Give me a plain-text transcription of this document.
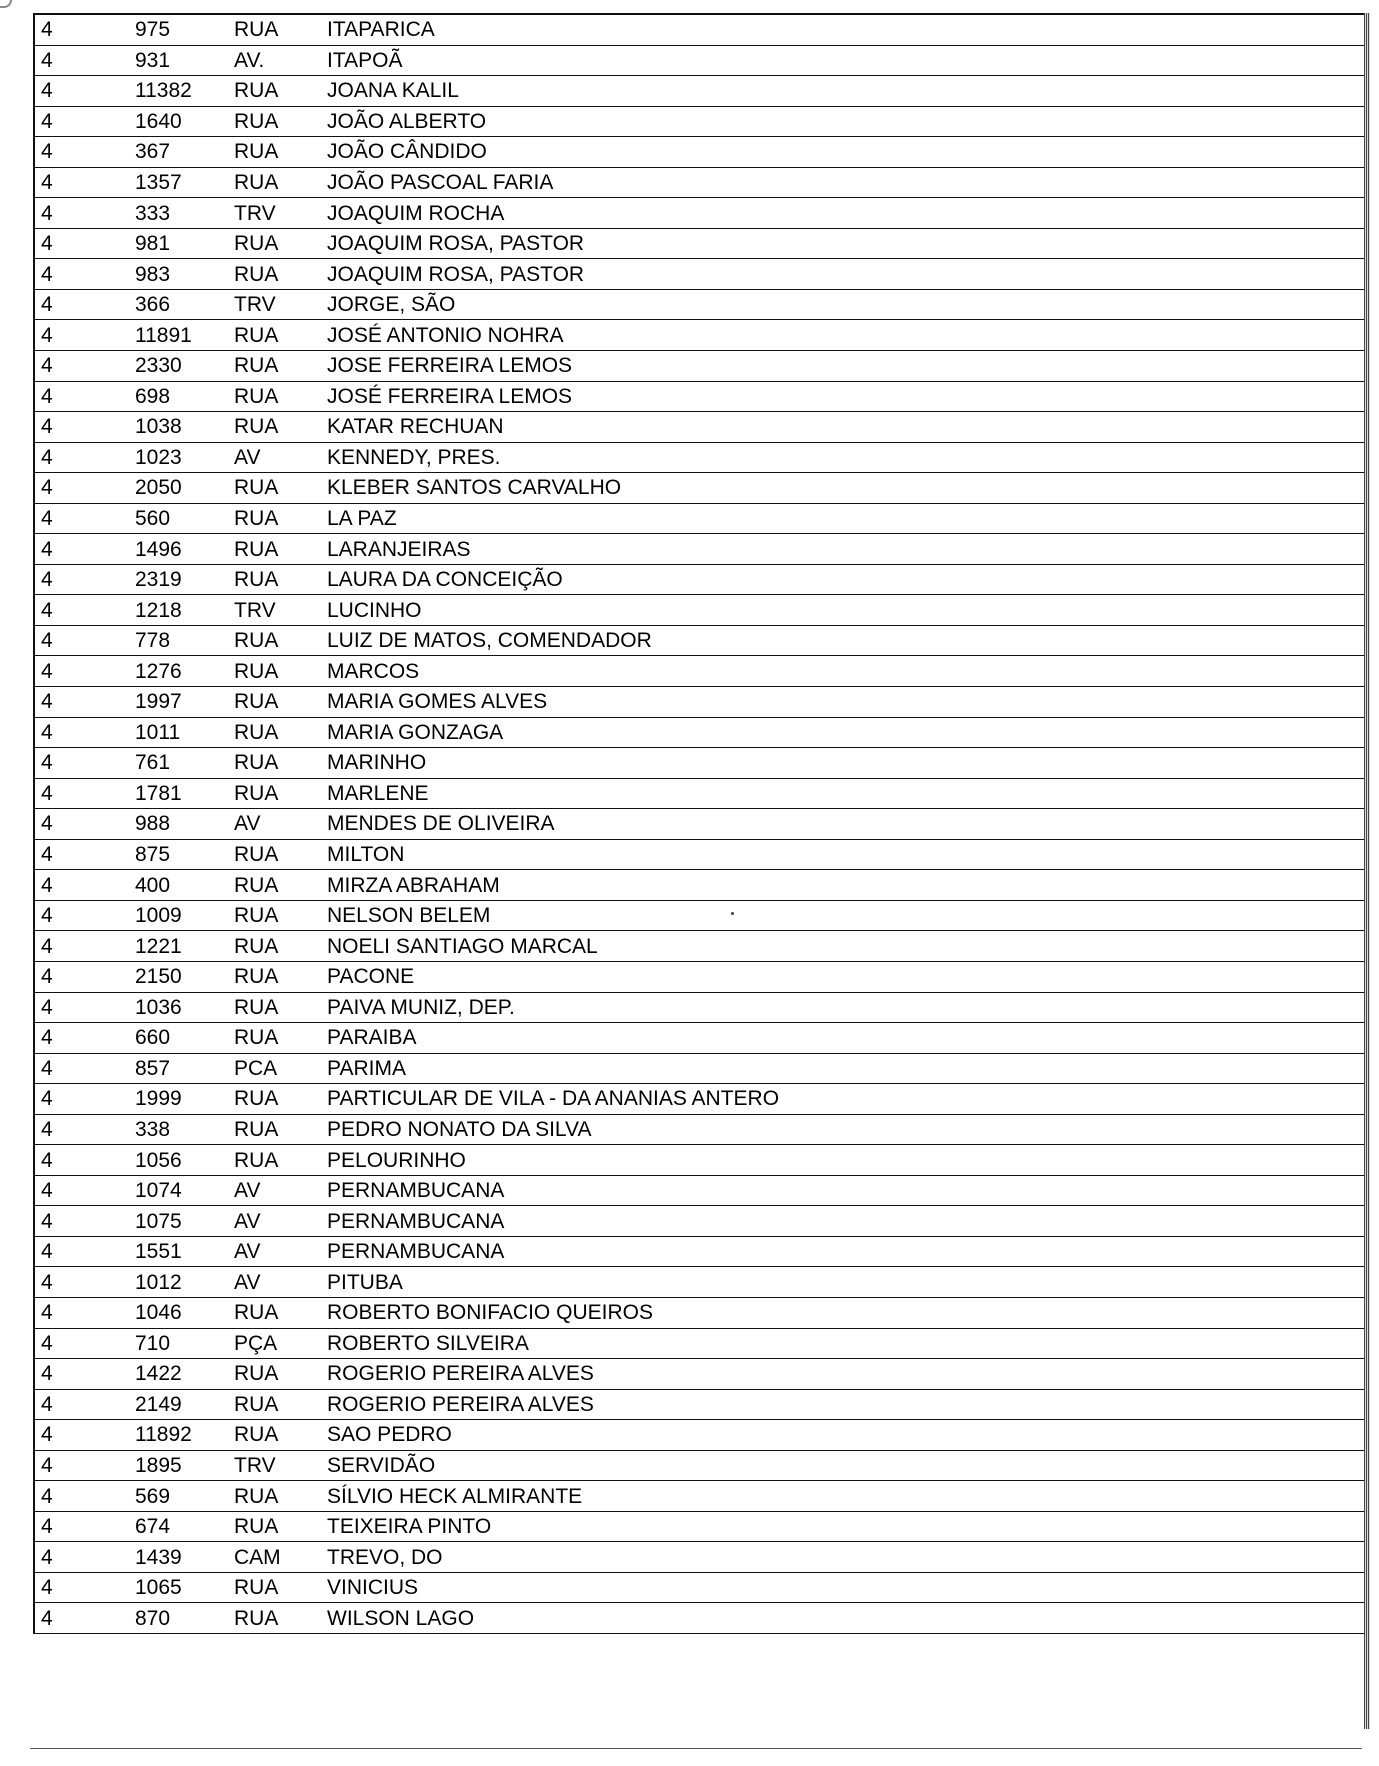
4	975	RUA	ITAPARICA
4	931	AV.	ITAPOÃ
4	11382	RUA	JOANA KALIL
4	1640	RUA	JOÃO ALBERTO
4	367	RUA	JOÃO CÂNDIDO
4	1357	RUA	JOÃO PASCOAL FARIA
4	333	TRV	JOAQUIM ROCHA
4	981	RUA	JOAQUIM ROSA, PASTOR
4	983	RUA	JOAQUIM ROSA, PASTOR
4	366	TRV	JORGE, SÃO
4	11891	RUA	JOSÉ ANTONIO NOHRA
4	2330	RUA	JOSE FERREIRA LEMOS
4	698	RUA	JOSÉ FERREIRA LEMOS
4	1038	RUA	KATAR RECHUAN
4	1023	AV	KENNEDY, PRES.
4	2050	RUA	KLEBER SANTOS CARVALHO
4	560	RUA	LA PAZ
4	1496	RUA	LARANJEIRAS
4	2319	RUA	LAURA DA CONCEIÇÃO
4	1218	TRV	LUCINHO
4	778	RUA	LUIZ DE MATOS, COMENDADOR
4	1276	RUA	MARCOS
4	1997	RUA	MARIA GOMES ALVES
4	1011	RUA	MARIA GONZAGA
4	761	RUA	MARINHO
4	1781	RUA	MARLENE
4	988	AV	MENDES DE OLIVEIRA
4	875	RUA	MILTON
4	400	RUA	MIRZA ABRAHAM
4	1009	RUA	NELSON BELEM
4	1221	RUA	NOELI SANTIAGO MARCAL
4	2150	RUA	PACONE
4	1036	RUA	PAIVA MUNIZ, DEP.
4	660	RUA	PARAIBA
4	857	PCA	PARIMA
4	1999	RUA	PARTICULAR DE VILA - DA ANANIAS ANTERO
4	338	RUA	PEDRO NONATO DA SILVA
4	1056	RUA	PELOURINHO
4	1074	AV	PERNAMBUCANA
4	1075	AV	PERNAMBUCANA
4	1551	AV	PERNAMBUCANA
4	1012	AV	PITUBA
4	1046	RUA	ROBERTO BONIFACIO QUEIROS
4	710	PÇA	ROBERTO SILVEIRA
4	1422	RUA	ROGERIO PEREIRA ALVES
4	2149	RUA	ROGERIO PEREIRA ALVES
4	11892	RUA	SAO PEDRO
4	1895	TRV	SERVIDÃO
4	569	RUA	SÍLVIO HECK ALMIRANTE
4	674	RUA	TEIXEIRA PINTO
4	1439	CAM	TREVO, DO
4	1065	RUA	VINICIUS
4	870	RUA	WILSON LAGO
